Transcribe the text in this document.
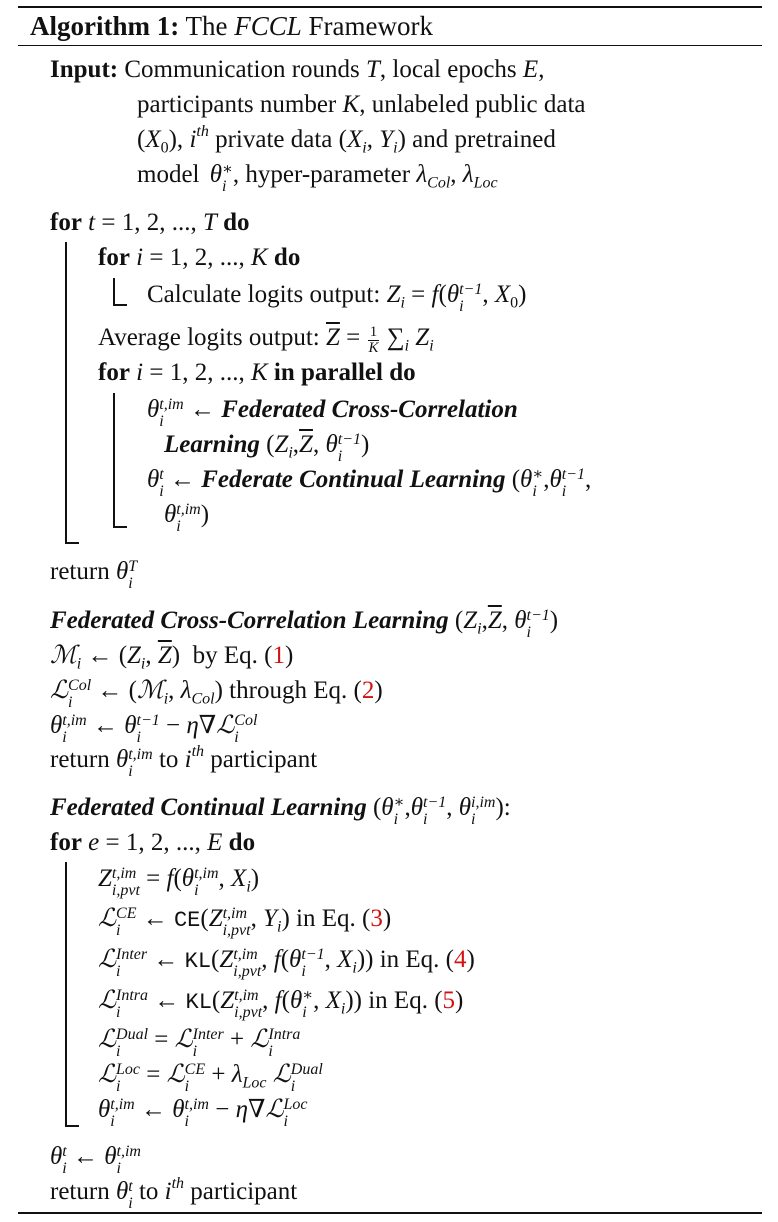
Algorithm 1: The FCCL Framework
Input: Communication rounds T, local epochs E,
participants number K, unlabeled public data
$(X_0)$, $i^{th}$ private data ($X_i$, $Y_i$) and pretrained
model

θ ∗
i , hyper-parameter $\lambda_{Col}$, $\lambda_{Loc}$
for t = 1, 2, ..., T do
for i = 1, 2, ..., K do
Calculate logits output: $Z_i = f(\theta$ t−1
i , $X_0$)
Average logits output: $\overline{Z} = \frac{1}{K} \sum_i$ $Z_i$
for i = 1, 2, ..., K in parallel do
θ t,im
i ← Federated Cross-Correlation
Learning ($Z_i,\overline{Z}$, θ t−1
i )
θ t
i ← Federate Continual Learning (θ ∗
i ,θ t−1
i ,
θ t,im
i )
return θ T
i
Federated Cross-Correlation Learning ($Z_i,\overline{Z}$, θ t−1
i )
ℳ$_i$ ← ($Z_i$, $\overline{Z}$)  by Eq. (1)
ℒ Col
i ← (ℳ$_i$, $\lambda_{Col}$) through Eq. (2)
θ t,im
i ← θ t−1
i − η∇ℒ Col
i
return θ t,im
i to $i^{th}$ participant
Federated Continual Learning (θ ∗
i ,θ t−1
i , θ i,im
i ):
for e = 1, 2, ..., E do
Z t,im
i,pvt = f(θ t,im
i , $X_i$)
ℒ CE
i ← CE(Z t,im
i,pvt , $Y_i$) in Eq. (3)
ℒ Inter
i	← KL(Z t,im
i,pvt , f(θ t−1
i , $X_i$)) in Eq. (4)
ℒ Intra
i	← KL(Z t,im
i,pvt , f(θ ∗
i , $X_i$)) in Eq. (5)
ℒ Dual
i	= ℒ Inter
i	+ ℒ Intra
i
ℒ Loc
i = ℒ CE
$i + \lambda_{Loc}$ ℒ Dual
i
θ t,im
i ← θ t,im
i − η∇ℒ Loc
i
θ t
i ← θ t,im
i
return θ t
i to $i^{th}$ participant
